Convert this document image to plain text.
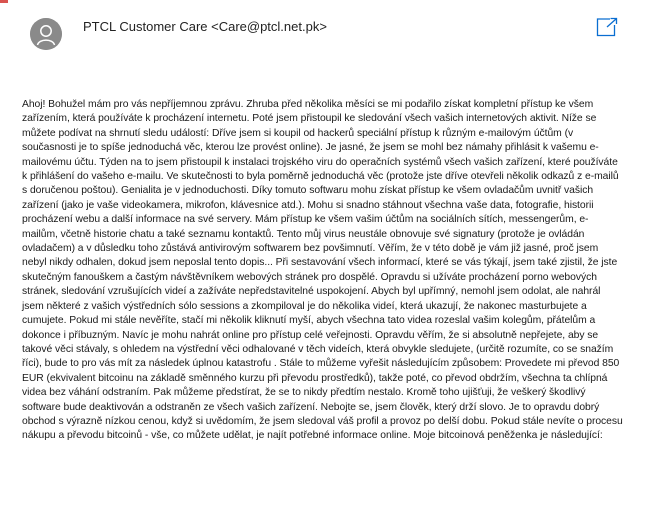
PTCL Customer Care <Care@ptcl.net.pk>
Ahoj! Bohužel mám pro vás nepříjemnou zprávu. Zhruba před několika měsíci se mi podařilo získat kompletní přístup ke všem zařízením, která používáte k procházení internetu. Poté jsem přistoupil ke sledování všech vašich internetových aktivit. Níže se můžete podívat na shrnutí sledu událostí: Dříve jsem si koupil od hackerů speciální přístup k různým e-mailovým účtům (v současnosti je to spíše jednoduchá věc, kterou lze provést online). Je jasné, že jsem se mohl bez námahy přihlásit k vašemu e-mailovému účtu. Týden na to jsem přistoupil k instalaci trojského viru do operačních systémů všech vašich zařízení, které používáte k přihlášení do vašeho e-mailu. Ve skutečnosti to byla poměrně jednoduchá věc (protože jste dříve otevřeli několik odkazů z e-mailů s doručenou poštou). Genialita je v jednoduchosti. Díky tomuto softwaru mohu získat přístup ke všem ovladačům uvnitř vašich zařízení (jako je vaše videokamera, mikrofon, klávesnice atd.). Mohu si snadno stáhnout všechna vaše data, fotografie, historii procházení webu a další informace na své servery. Mám přístup ke všem vašim účtům na sociálních sítích, messengerům, e-mailům, včetně historie chatu a také seznamu kontaktů. Tento můj virus neustále obnovuje své signatury (protože je ovládán ovladačem) a v důsledku toho zůstává antivirovým softwarem bez povšimnutí. Věřím, že v této době je vám již jasné, proč jsem nebyl nikdy odhalen, dokud jsem neposlal tento dopis... Při sestavování všech informací, které se vás týkají, jsem také zjistil, že jste skutečným fanouškem a častým návštěvníkem webových stránek pro dospělé. Opravdu si užíváte procházení porno webových stránek, sledování vzrušujících videí a zažíváte nepředstavitelné uspokojení. Abych byl upřímný, nemohl jsem odolat, ale nahrál jsem některé z vašich výstředních sólo sessions a zkompiloval je do několika videí, která ukazují, že nakonec masturbujete a cumujete. Pokud mi stále nevěříte, stačí mi několik kliknutí myší, abych všechna tato videa rozeslal vašim kolegům, přátelům a dokonce i příbuzným. Navíc je mohu nahrát online pro přístup celé veřejnosti. Opravdu věřím, že si absolutně nepřejete, aby se takové věci stávaly, s ohledem na výstřední věci odhalované v těch videích, která obvykle sledujete, (určitě rozumíte, co se snažím říci), bude to pro vás mít za následek úplnou katastrofu . Stále to můžeme vyřešit následujícím způsobem: Provedete mi převod 850 EUR (ekvivalent bitcoinu na základě směnného kurzu při převodu prostředků), takže poté, co převod obdržím, všechna ta chlípná videa bez váhání odstraním. Pak můžeme předstírat, že se to nikdy předtím nestalo. Kromě toho ujišťuji, že veškerý škodlivý software bude deaktivován a odstraněn ze všech vašich zařízení. Nebojte se, jsem člověk, který drží slovo. Je to opravdu dobrý obchod s výrazně nízkou cenou, když si uvědomím, že jsem sledoval váš profil a provoz po delší dobu. Pokud stále nevíte o procesu nákupu a převodu bitcoinů - vše, co můžete udělat, je najít potřebné informace online. Moje bitcoinová peněženka je následující:
